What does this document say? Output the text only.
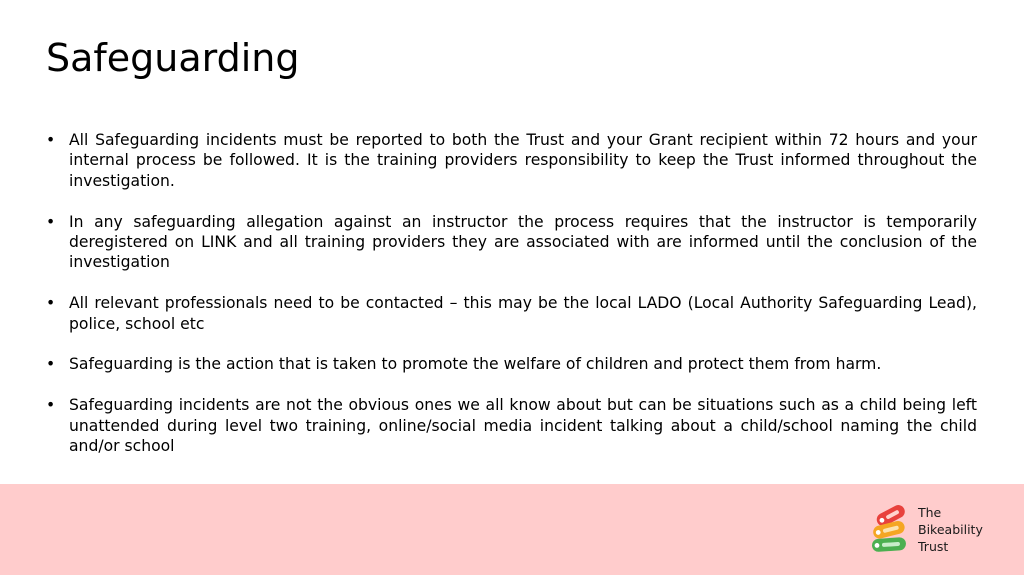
Safeguarding
• All Safeguarding incidents must be reported to both the Trust and your Grant recipient within 72 hours and your internal process be followed. It is the training providers responsibility to keep the Trust informed throughout the investigation.
• In any safeguarding allegation against an instructor the process requires that the instructor is temporarily deregistered on LINK and all training providers they are associated with are informed until the conclusion of the investigation
• All relevant professionals need to be contacted – this may be the local LADO (Local Authority Safeguarding Lead), police, school etc
• Safeguarding is the action that is taken to promote the welfare of children and protect them from harm.
• Safeguarding incidents are not the obvious ones we all know about but can be situations such as a child being left unattended during level two training, online/social media incident talking about a child/school naming the child and/or school
The
Bikeability
Trust
